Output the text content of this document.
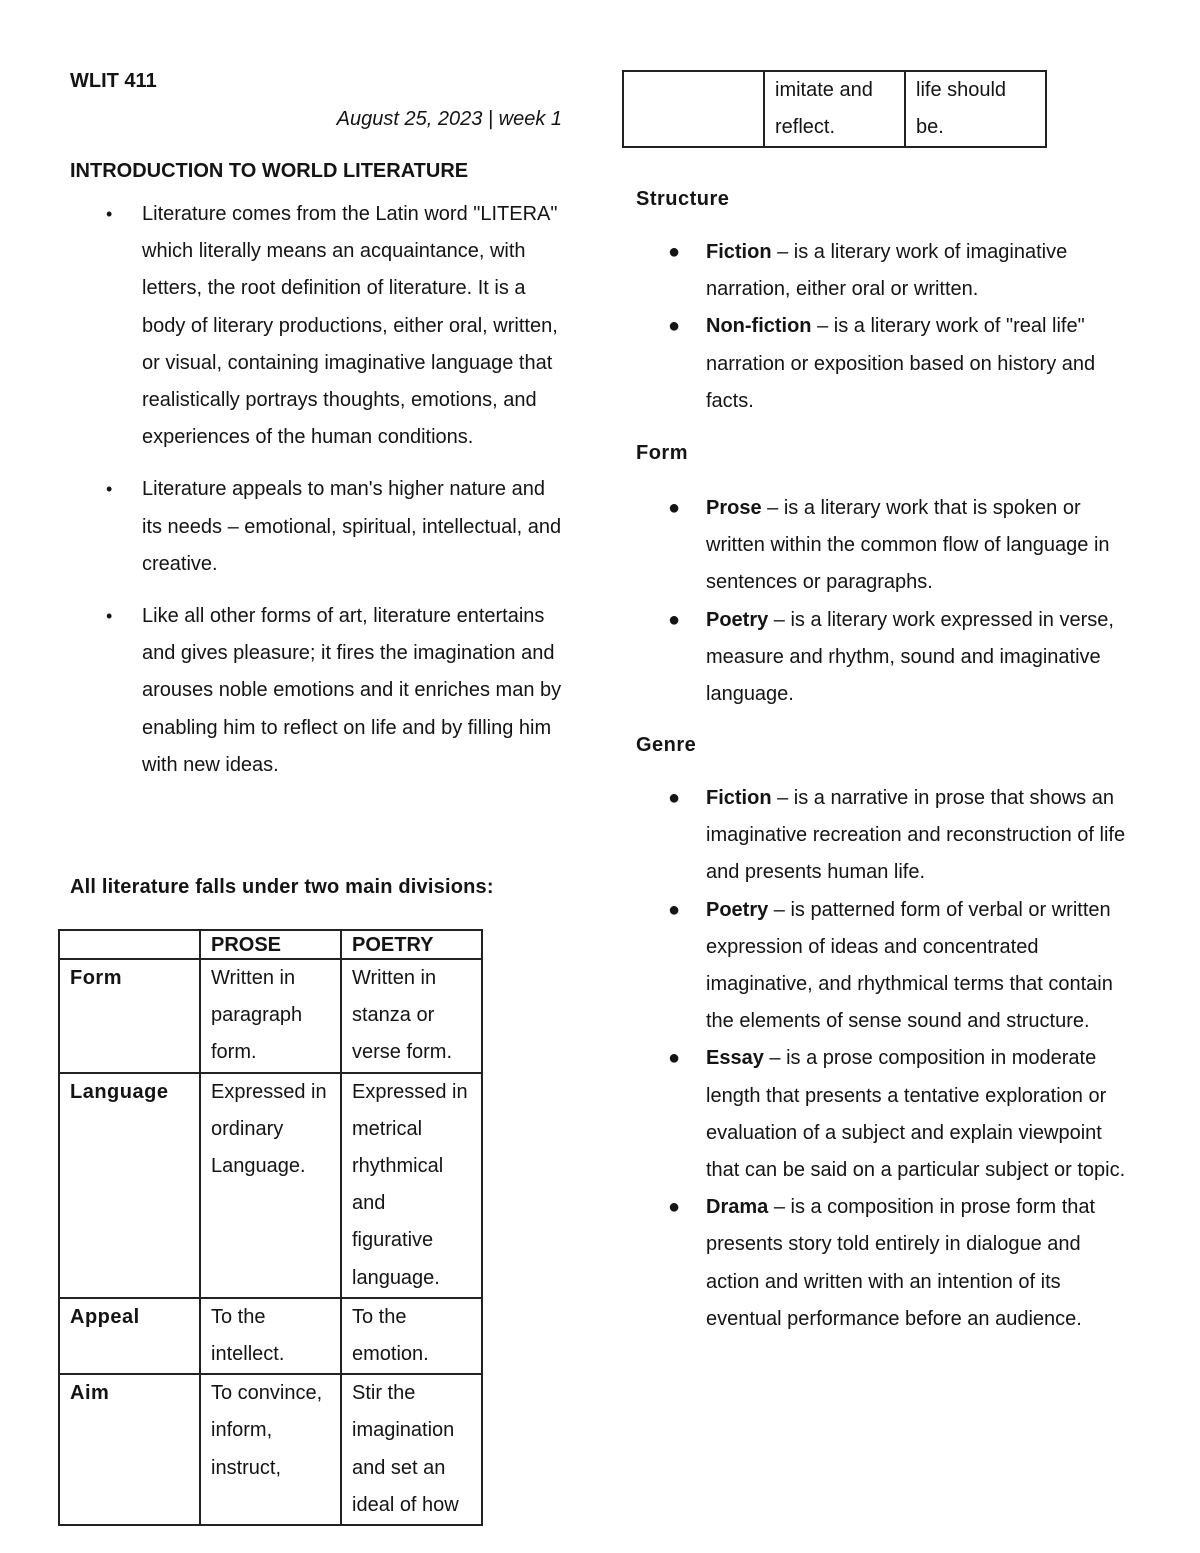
WLIT 411
August 25, 2023 | week 1
INTRODUCTION TO WORLD LITERATURE
• Literature comes from the Latin word "LITERA" which literally means an acquaintance, with letters, the root definition of literature. It is a body of literary productions, either oral, written, or visual, containing imaginative language that realistically portrays thoughts, emotions, and experiences of the human conditions.
• Literature appeals to man's higher nature and its needs – emotional, spiritual, intellectual, and creative.
• Like all other forms of art, literature entertains and gives pleasure; it fires the imagination and arouses noble emotions and it enriches man by enabling him to reflect on life and by filling him with new ideas.
All literature falls under two main divisions:
	PROSE	POETRY
Form	Written in paragraph form.	Written in stanza or verse form.
Language	Expressed in ordinary Language.	Expressed in metrical rhythmical and figurative language.
Appeal	To the intellect.	To the emotion.
Aim	To convince, inform, instruct,	Stir the imagination and set an ideal of how
	imitate and reflect.	life should be.
Structure
● Fiction – is a literary work of imaginative narration, either oral or written.
● Non-fiction – is a literary work of "real life" narration or exposition based on history and facts.
Form
● Prose – is a literary work that is spoken or written within the common flow of language in sentences or paragraphs.
● Poetry – is a literary work expressed in verse, measure and rhythm, sound and imaginative language.
Genre
● Fiction – is a narrative in prose that shows an imaginative recreation and reconstruction of life and presents human life.
● Poetry – is patterned form of verbal or written expression of ideas and concentrated imaginative, and rhythmical terms that contain the elements of sense sound and structure.
● Essay – is a prose composition in moderate length that presents a tentative exploration or evaluation of a subject and explain viewpoint that can be said on a particular subject or topic.
● Drama – is a composition in prose form that presents story told entirely in dialogue and action and written with an intention of its eventual performance before an audience.
